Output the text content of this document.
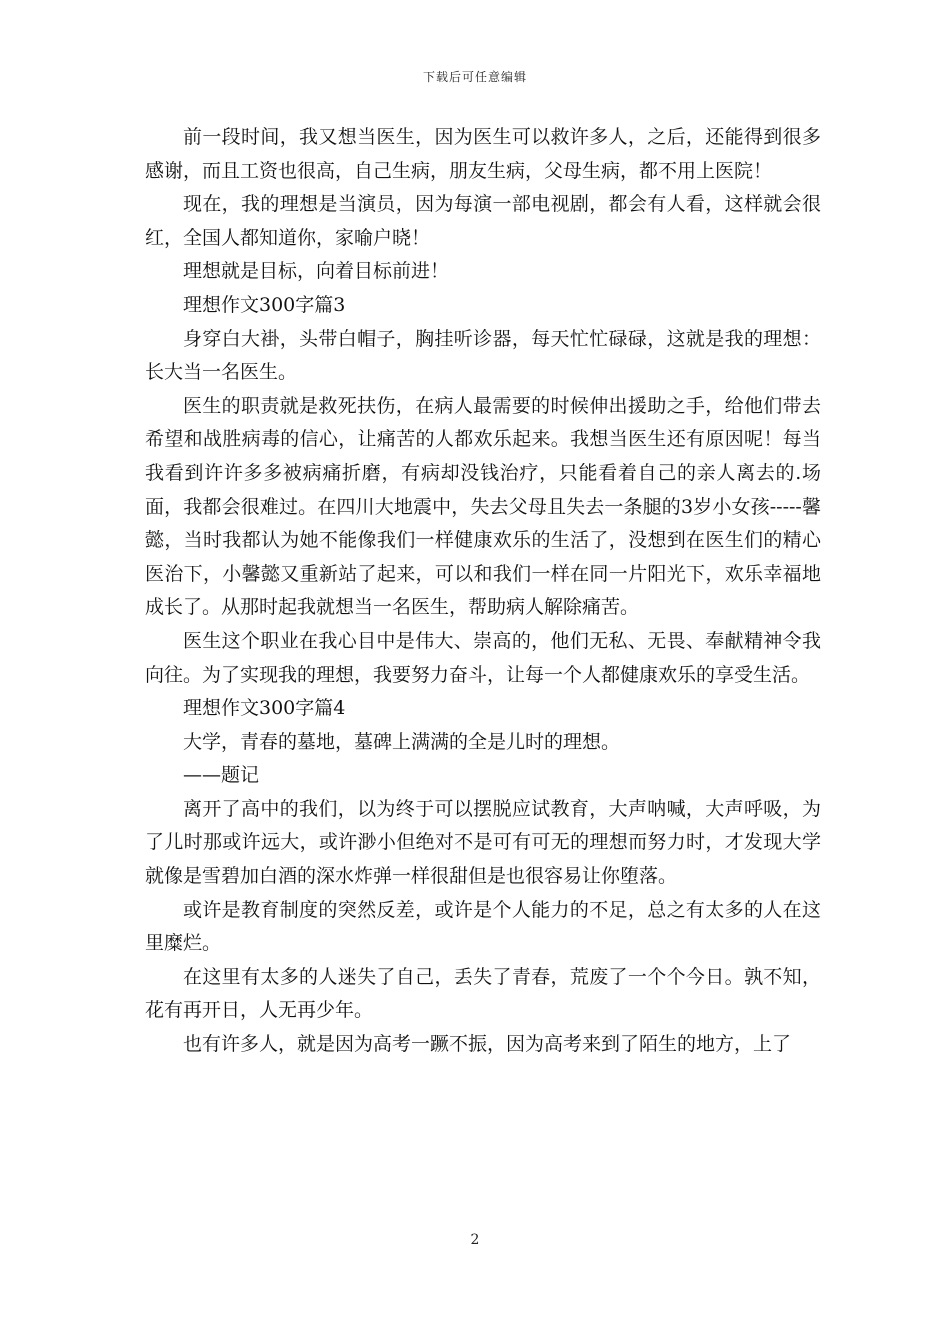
下载后可任意编辑

前一段时间，我又想当医生，因为医生可以救许多人，之后，还能得到很多感谢，而且工资也很高，自己生病，朋友生病，父母生病，都不用上医院！

现在，我的理想是当演员，因为每演一部电视剧，都会有人看，这样就会很红，全国人都知道你，家喻户晓！

理想就是目标，向着目标前进！

理想作文300字篇3

身穿白大褂，头带白帽子，胸挂听诊器，每天忙忙碌碌，这就是我的理想：长大当一名医生。

医生的职责就是救死扶伤，在病人最需要的时候伸出援助之手，给他们带去希望和战胜病毒的信心，让痛苦的人都欢乐起来。我想当医生还有原因呢！每当我看到许许多多被病痛折磨，有病却没钱治疗，只能看着自己的亲人离去的.场面，我都会很难过。在四川大地震中，失去父母且失去一条腿的3岁小女孩-----馨懿，当时我都认为她不能像我们一样健康欢乐的生活了，没想到在医生们的精心医治下，小馨懿又重新站了起来，可以和我们一样在同一片阳光下，欢乐幸福地成长了。从那时起我就想当一名医生，帮助病人解除痛苦。

医生这个职业在我心目中是伟大、崇高的，他们无私、无畏、奉献精神令我向往。为了实现我的理想，我要努力奋斗，让每一个人都健康欢乐的享受生活。

理想作文300字篇4

大学，青春的墓地，墓碑上满满的全是儿时的理想。

——题记

离开了高中的我们，以为终于可以摆脱应试教育，大声呐喊，大声呼吸，为了儿时那或许远大，或许渺小但绝对不是可有可无的理想而努力时，才发现大学就像是雪碧加白酒的深水炸弹一样很甜但是也很容易让你堕落。

或许是教育制度的突然反差，或许是个人能力的不足，总之有太多的人在这里糜烂。

在这里有太多的人迷失了自己，丢失了青春，荒废了一个个今日。孰不知，花有再开日，人无再少年。

也有许多人，就是因为高考一蹶不振，因为高考来到了陌生的地方，上了

2
